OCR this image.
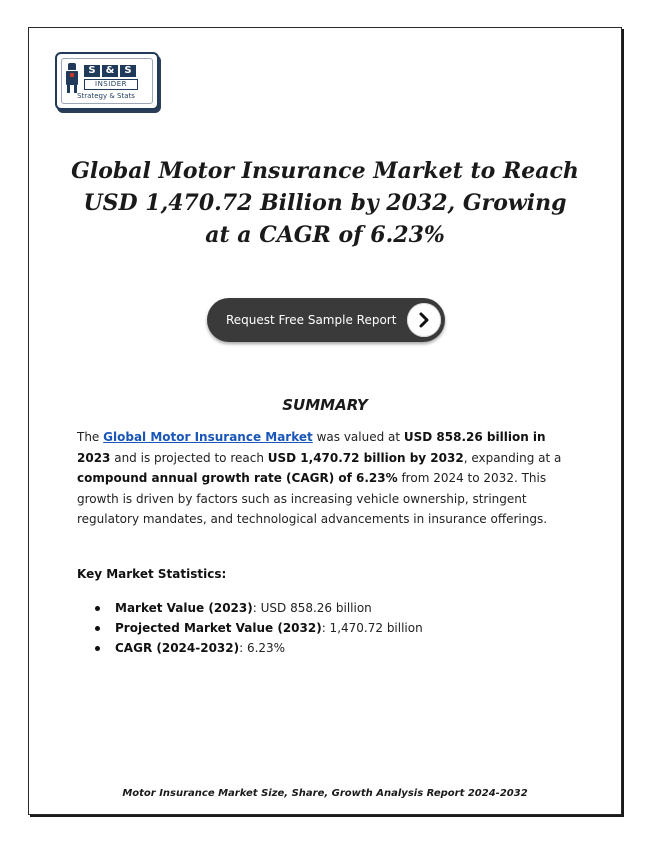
S	&	S
INSIDER
Strategy & Stats
Global Motor Insurance Market to Reach
USD 1,470.72 Billion by 2032, Growing
at a CAGR of 6.23%
Request Free Sample Report
SUMMARY

The Global Motor Insurance Market was valued at USD 858.26 billion in 2023 and is projected to reach USD 1,470.72 billion by 2032, expanding at a compound annual growth rate (CAGR) of 6.23% from 2024 to 2032. This growth is driven by factors such as increasing vehicle ownership, stringent regulatory mandates, and technological advancements in insurance offerings.

Key Market Statistics:
Market Value (2023): USD 858.26 billion
Projected Market Value (2032): 1,470.72 billion
CAGR (2024-2032): 6.23%
Motor Insurance Market Size, Share, Growth Analysis Report 2024-2032
